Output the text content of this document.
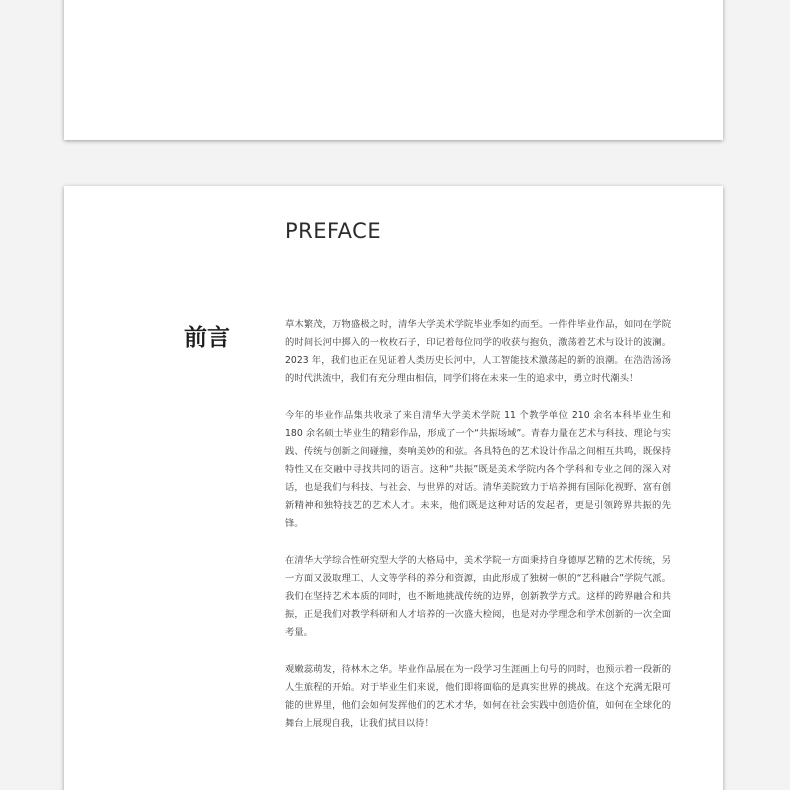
PREFACE
前言

草木繁茂，万物盛极之时，清华大学美术学院毕业季如约而至。一件件毕业作品，如同在学院的时间长河中掷入的一枚枚石子，印记着每位同学的收获与抱负，激荡着艺术与设计的波澜。2023 年，我们也正在见证着人类历史长河中，人工智能技术激荡起的新的浪潮。在浩浩汤汤的时代洪流中，我们有充分理由相信，同学们将在未来一生的追求中，勇立时代潮头！

今年的毕业作品集共收录了来自清华大学美术学院 11 个教学单位 210 余名本科毕业生和 180 余名硕士毕业生的精彩作品，形成了一个“共振场域”。青春力量在艺术与科技、理论与实践、传统与创新之间碰撞，奏响美妙的和弦。各具特色的艺术设计作品之间相互共鸣，既保持特性又在交融中寻找共同的语言。这种“共振”既是美术学院内各个学科和专业之间的深入对话，也是我们与科技、与社会、与世界的对话。清华美院致力于培养拥有国际化视野、富有创新精神和独特技艺的艺术人才。未来，他们既是这种对话的发起者，更是引领跨界共振的先锋。

在清华大学综合性研究型大学的大格局中，美术学院一方面秉持自身德厚艺精的艺术传统，另一方面又汲取理工、人文等学科的养分和资源，由此形成了独树一帜的“艺科融合”学院气派。我们在坚持艺术本质的同时，也不断地挑战传统的边界，创新教学方式。这样的跨界融合和共振，正是我们对教学科研和人才培养的一次盛大检阅，也是对办学理念和学术创新的一次全面考量。

观嫩蕊萌发，待林木之华。毕业作品展在为一段学习生涯画上句号的同时，也预示着一段新的人生旅程的开始。对于毕业生们来说，他们即将面临的是真实世界的挑战。在这个充满无限可能的世界里，他们会如何发挥他们的艺术才华，如何在社会实践中创造价值，如何在全球化的舞台上展现自我，让我们拭目以待！
